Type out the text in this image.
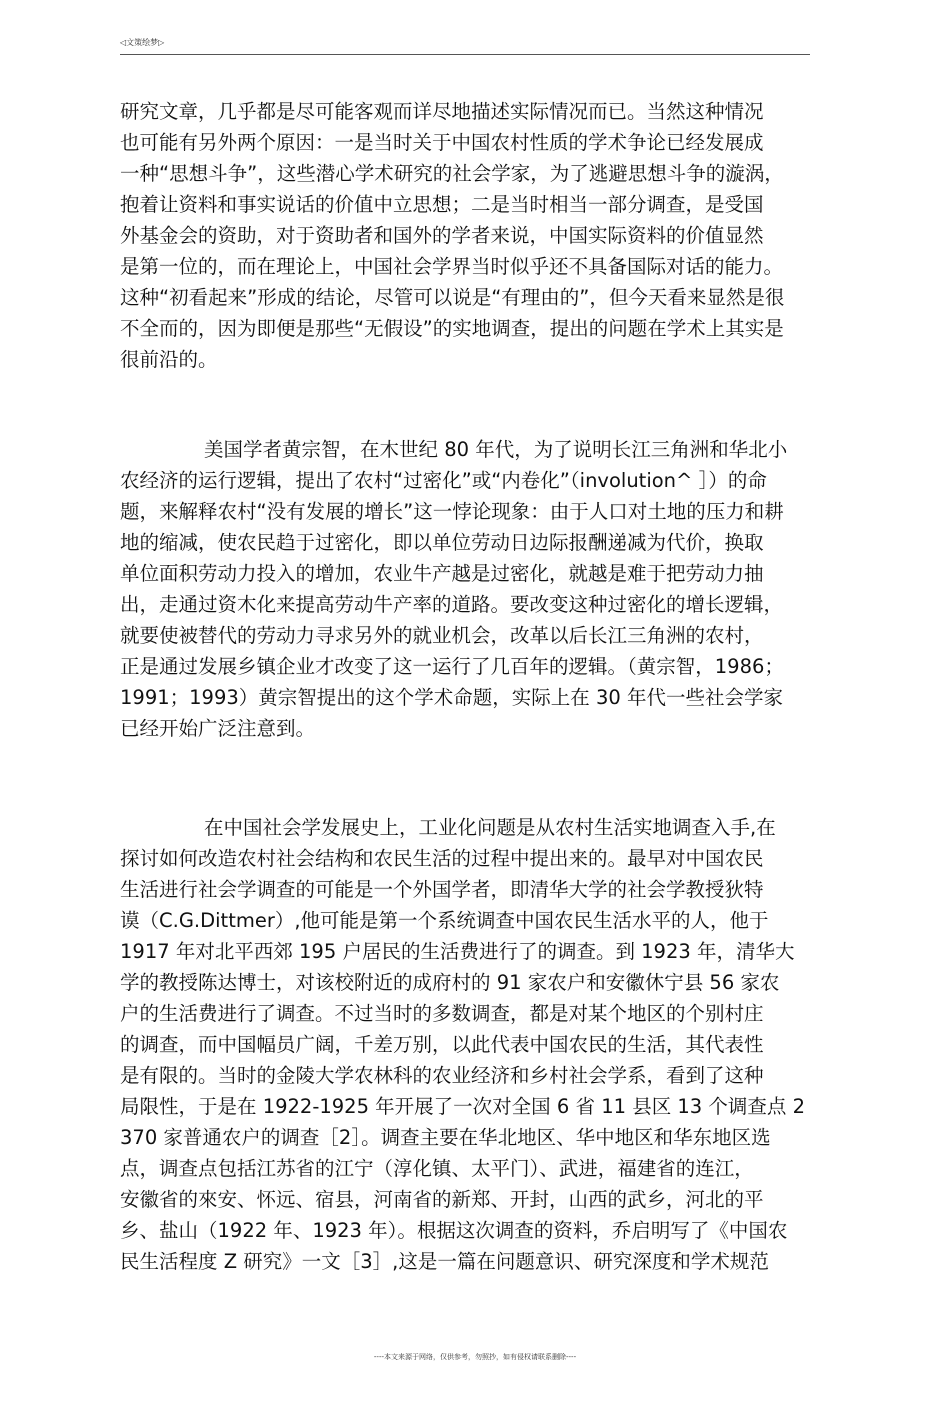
◁文策绘梦▷
研究文章，几乎都是尽可能客观而详尽地描述实际情况而已。当然这种情况
也可能有另外两个原因：一是当时关于中国农村性质的学术争论已经发展成
一种“思想斗争”，这些潜心学术研究的社会学家，为了逃避思想斗争的漩涡，
抱着让资料和事实说话的价值中立思想；二是当时相当一部分调查，是受国
外基金会的资助，对于资助者和国外的学者来说，中国实际资料的价值显然
是第一位的，而在理论上，中国社会学界当时似乎还不具备国际对话的能力。
这种“初看起来”形成的结论，尽管可以说是“有理由的”，但今天看来显然是很
不全而的，因为即便是那些“无假设”的实地调查，提出的问题在学术上其实是
很前沿的。
美国学者黄宗智，在木世纪 80 年代，为了说明长江三角洲和华北小
农经济的运行逻辑，提出了农村“过密化”或“内卷化”（involution^ ］）的命
题，来解释农村“没有发展的增长”这一悖论现象：由于人口对土地的压力和耕
地的缩减，使农民趋于过密化，即以单位劳动日边际报酬递减为代价，换取
单位面积劳动力投入的增加，农业牛产越是过密化，就越是难于把劳动力抽
出，走通过资木化来提高劳动牛产率的道路。要改变这种过密化的增长逻辑，
就要使被替代的劳动力寻求另外的就业机会，改革以后长江三角洲的农村，
正是通过发展乡镇企业才改变了这一运行了几百年的逻辑。（黄宗智，1986；
1991；1993）黄宗智提出的这个学术命题，实际上在 30 年代一些社会学家
已经开始广泛注意到。
在中国社会学发展史上，工业化问题是从农村生活实地调查入手,在
探讨如何改造农村社会结构和农民生活的过程中提出来的。最早对中国农民
生活进行社会学调查的可能是一个外国学者，即清华大学的社会学教授狄特
谟（C.G.Dittmer）,他可能是第一个系统调查中国农民生活水平的人，他于
1917 年对北平西郊 195 户居民的生活费进行了的调查。到 1923 年，清华大
学的教授陈达博士，对该校附近的成府村的 91 家农户和安徽休宁县 56 家农
户的生活费进行了调查。不过当时的多数调查，都是对某个地区的个别村庄
的调查，而中国幅员广阔，千差万别，以此代表中国农民的生活，其代表性
是有限的。当时的金陵大学农林科的农业经济和乡村社会学系，看到了这种
局限性，于是在 1922-1925 年开展了一次对全国 6 省 11 县区 13 个调查点 2
370 家普通农户的调查［2］。调查主要在华北地区、华中地区和华东地区选
点，调查点包括江苏省的江宁（淳化镇、太平门）、武进，福建省的连江，
安徽省的來安、怀远、宿县，河南省的新郑、开封，山西的武乡，河北的平
乡、盐山（1922 年、1923 年）。根据这次调查的资料，乔启明写了《中国农
民生活程度 Z 研究》一文［3］,这是一篇在问题意识、研究深度和学术规范
----本文来源于网络，仅供参考，勿照抄，如有侵权请联系删除----
